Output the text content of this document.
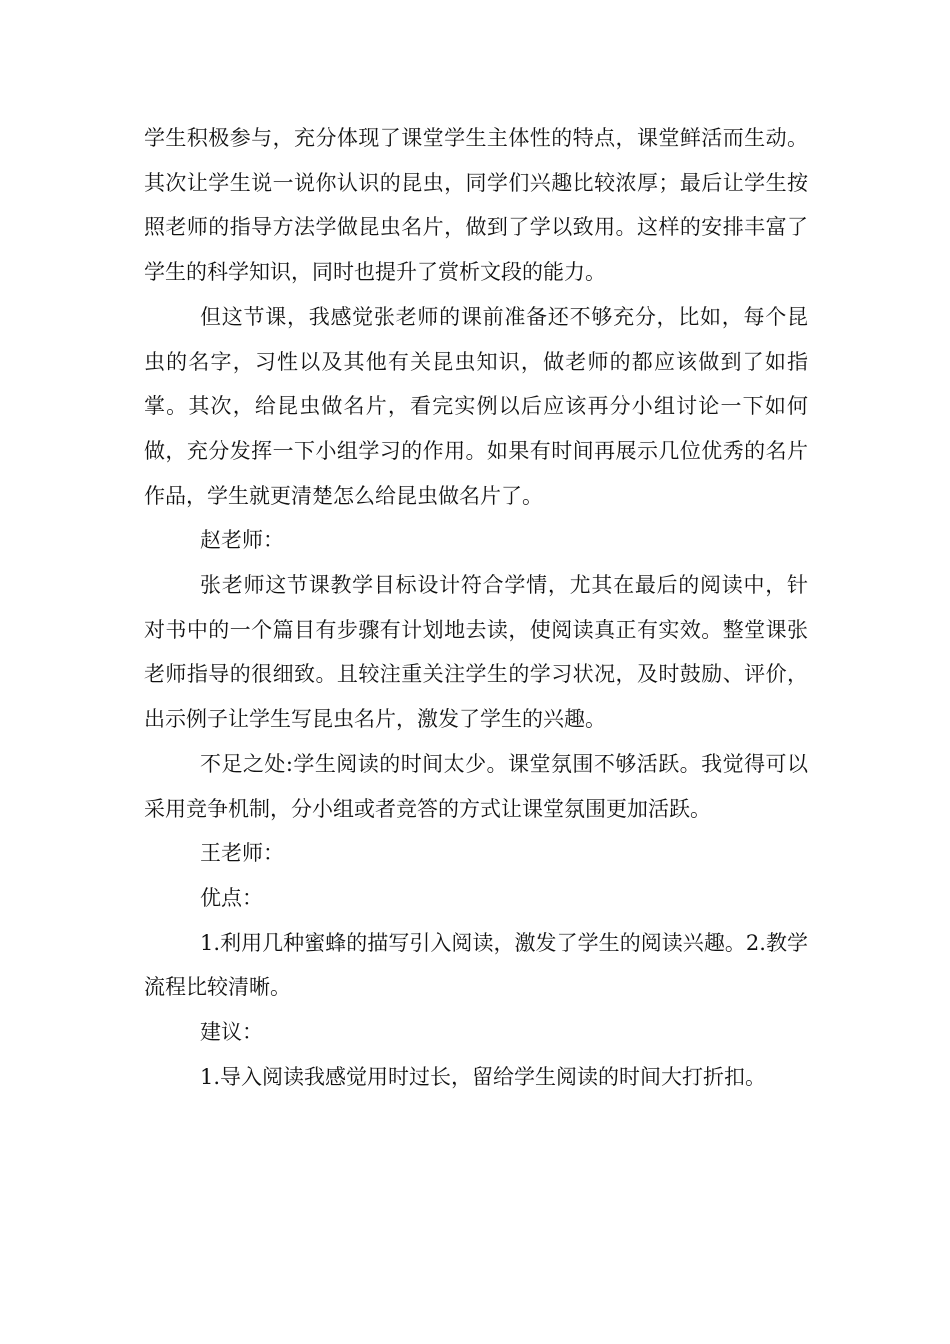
学生积极参与，充分体现了课堂学生主体性的特点，课堂鲜活而生动。其次让学生说一说你认识的昆虫，同学们兴趣比较浓厚；最后让学生按照老师的指导方法学做昆虫名片，做到了学以致用。这样的安排丰富了学生的科学知识，同时也提升了赏析文段的能力。

但这节课，我感觉张老师的课前准备还不够充分，比如，每个昆虫的名字，习性以及其他有关昆虫知识，做老师的都应该做到了如指掌。其次，给昆虫做名片，看完实例以后应该再分小组讨论一下如何做，充分发挥一下小组学习的作用。如果有时间再展示几位优秀的名片作品，学生就更清楚怎么给昆虫做名片了。

赵老师：

张老师这节课教学目标设计符合学情，尤其在最后的阅读中，针对书中的一个篇目有步骤有计划地去读，使阅读真正有实效。整堂课张老师指导的很细致。且较注重关注学生的学习状况，及时鼓励、评价，出示例子让学生写昆虫名片，激发了学生的兴趣。

不足之处:学生阅读的时间太少。课堂氛围不够活跃。我觉得可以采用竞争机制，分小组或者竞答的方式让课堂氛围更加活跃。

王老师：

优点：

1.利用几种蜜蜂的描写引入阅读，激发了学生的阅读兴趣。2.教学流程比较清晰。

建议：

1.导入阅读我感觉用时过长，留给学生阅读的时间大打折扣。
